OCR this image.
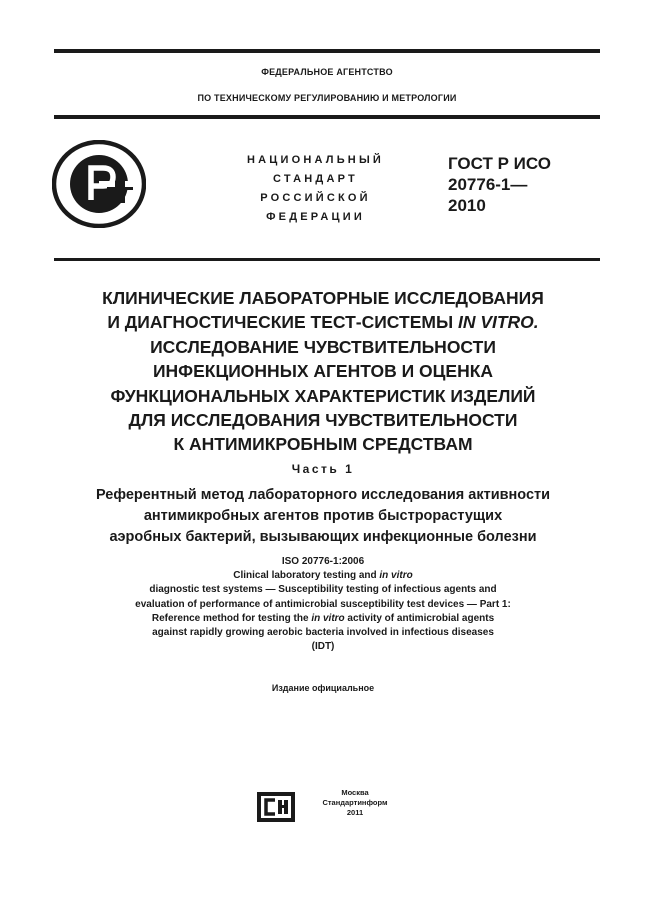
ФЕДЕРАЛЬНОЕ АГЕНТСТВО
ПО ТЕХНИЧЕСКОМУ РЕГУЛИРОВАНИЮ И МЕТРОЛОГИИ
НАЦИОНАЛЬНЫЙ
СТАНДАРТ
РОССИЙСКОЙ
ФЕДЕРАЦИИ
ГОСТ Р ИСО
20776-1—
2010
КЛИНИЧЕСКИЕ ЛАБОРАТОРНЫЕ ИССЛЕДОВАНИЯ
И ДИАГНОСТИЧЕСКИЕ ТЕСТ-СИСТЕМЫ IN VITRO.
ИССЛЕДОВАНИЕ ЧУВСТВИТЕЛЬНОСТИ
ИНФЕКЦИОННЫХ АГЕНТОВ И ОЦЕНКА
ФУНКЦИОНАЛЬНЫХ ХАРАКТЕРИСТИК ИЗДЕЛИЙ
ДЛЯ ИССЛЕДОВАНИЯ ЧУВСТВИТЕЛЬНОСТИ
К АНТИМИКРОБНЫМ СРЕДСТВАМ
Часть 1
Референтный метод лабораторного исследования активности
антимикробных агентов против быстрорастущих
аэробных бактерий, вызывающих инфекционные болезни
ISO 20776-1:2006
Clinical laboratory testing and in vitro
diagnostic test systems — Susceptibility testing of infectious agents and
evaluation of performance of antimicrobial susceptibility test devices — Part 1:
Reference method for testing the in vitro activity of antimicrobial agents
against rapidly growing aerobic bacteria involved in infectious diseases
(IDT)
Издание официальное
Москва
Стандартинформ
2011
